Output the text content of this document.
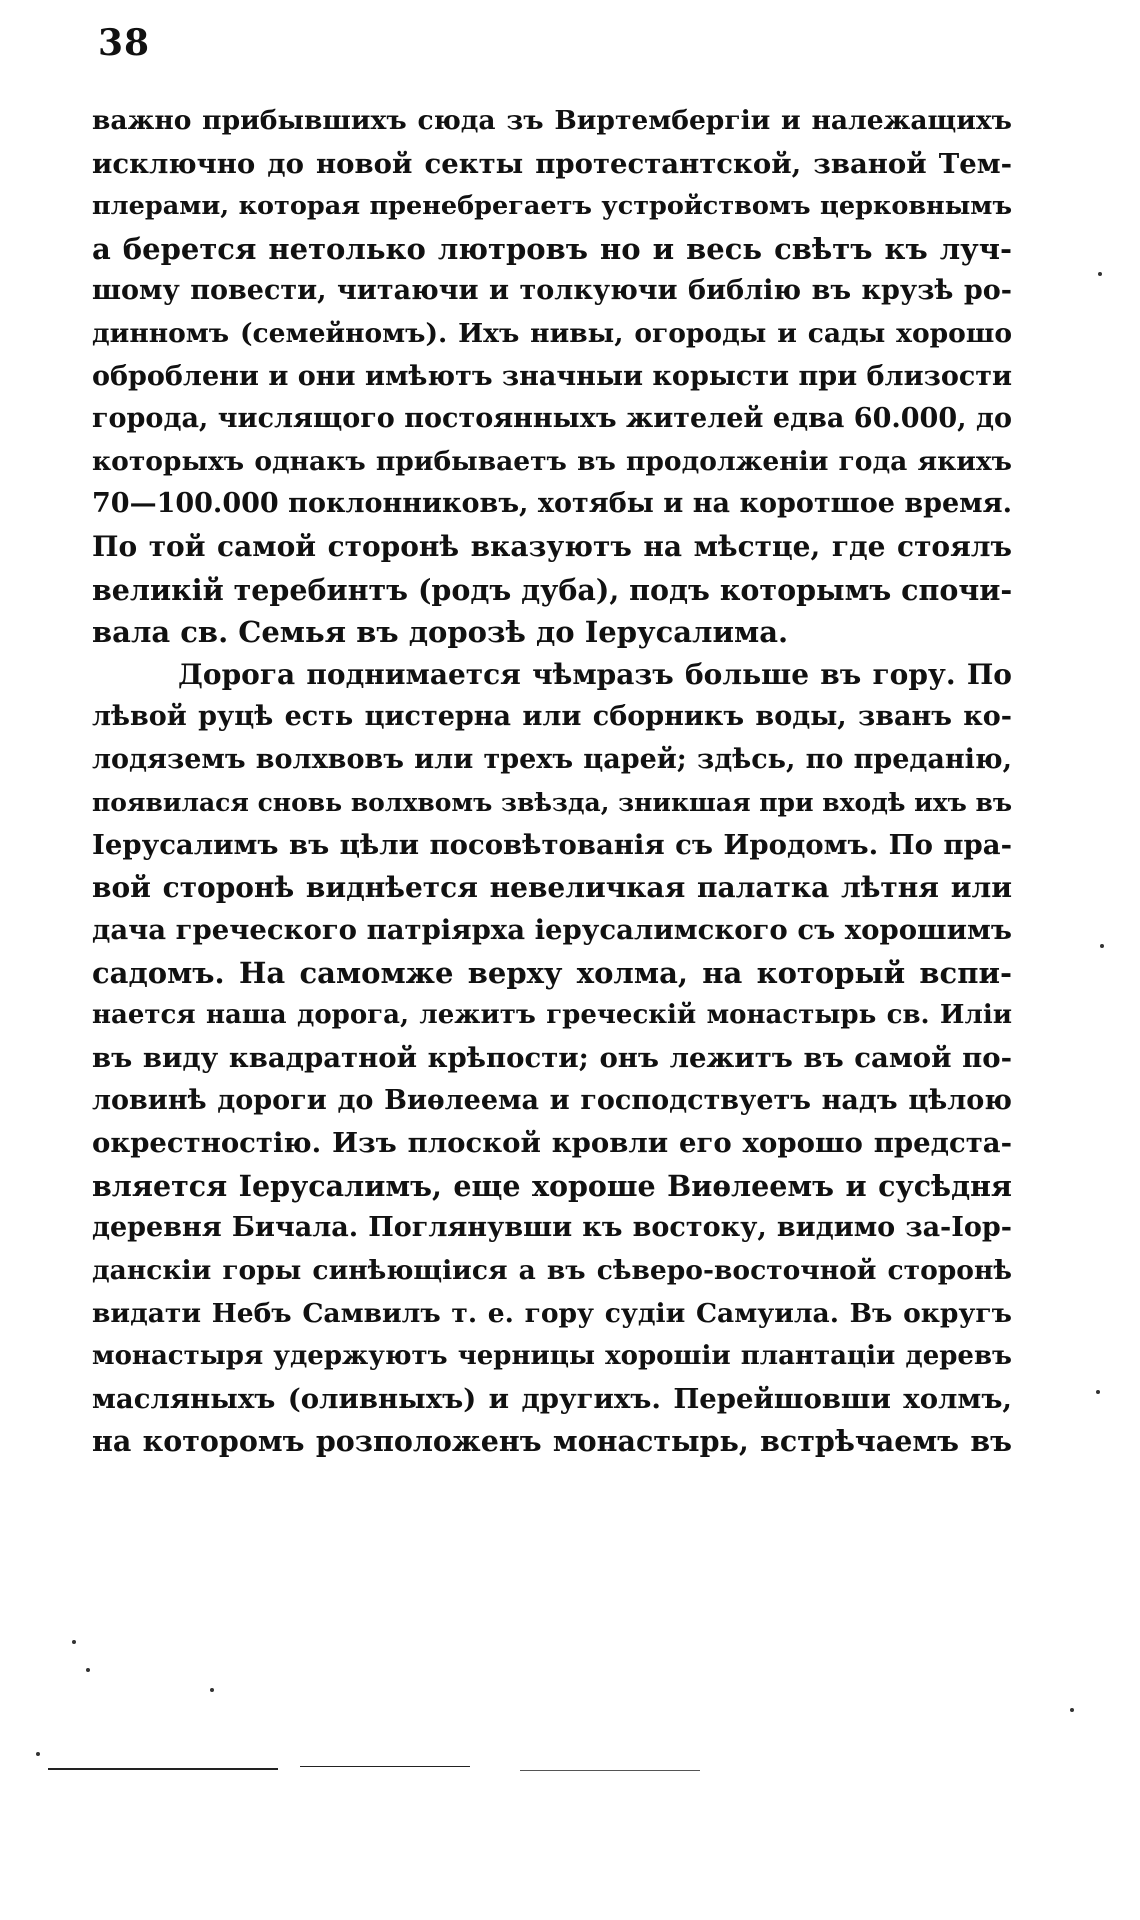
38
важно прибывшихъ сюда зъ Виртембергіи и належащихъ
исключно до новой секты протестантской, званой Тем-
плерами, которая пренебрегаетъ устройствомъ церковнымъ
а берется нетолько лютровъ но и весь свѣтъ къ луч-
шому повести, читаючи и толкуючи библію въ крузѣ ро-
динномъ (семейномъ). Ихъ нивы, огороды и сады хорошо
оброблени и они имѣютъ значныи корысти при близости
города, числящого постоянныхъ жителей едва 60.000, до
которыхъ однакъ прибываетъ въ продолженіи года якихъ
70—100.000 поклонниковъ, хотябы и на коротшое время.
По той самой сторонѣ вказуютъ на мѣстце, где стоялъ
великій теребинтъ (родъ дуба), подъ которымъ спочи-
вала св. Семья въ дорозѣ до Іерусалима.
Дорога поднимается чѣмразъ больше въ гору. По
лѣвой руцѣ есть цистерна или сборникъ воды, званъ ко-
лодяземъ волхвовъ или трехъ царей; здѣсь, по преданію,
появилася сновь волхвомъ звѣзда, зникшая при входѣ ихъ въ
Іерусалимъ въ цѣли посовѣтованія съ Иродомъ. По пра-
вой сторонѣ виднѣется невеличкая палатка лѣтня или
дача греческого патріярха іерусалимского съ хорошимъ
садомъ. На самомже верху холма, на который вспи-
нается наша дорога, лежитъ греческій монастырь св. Иліи
въ виду квадратной крѣпости; онъ лежитъ въ самой по-
ловинѣ дороги до Виѳлеема и господствуетъ надъ цѣлою
окрестностію. Изъ плоской кровли его хорошо предста-
вляется Іерусалимъ, еще хорошe Виѳлеемъ и сусѣдня
деревня Бичала. Поглянувши къ востоку, видимо за-Іор-
данскіи горы синѣющіися а въ сѣверо-восточной сторонѣ
видати Небъ Самвилъ т. е. гору судіи Самуила. Въ округъ
монастыря удержуютъ черницы хорошіи плантаціи деревъ
масляныхъ (оливныхъ) и другихъ. Перейшовши холмъ,
на которомъ розположенъ монастырь, встрѣчаемъ въ
